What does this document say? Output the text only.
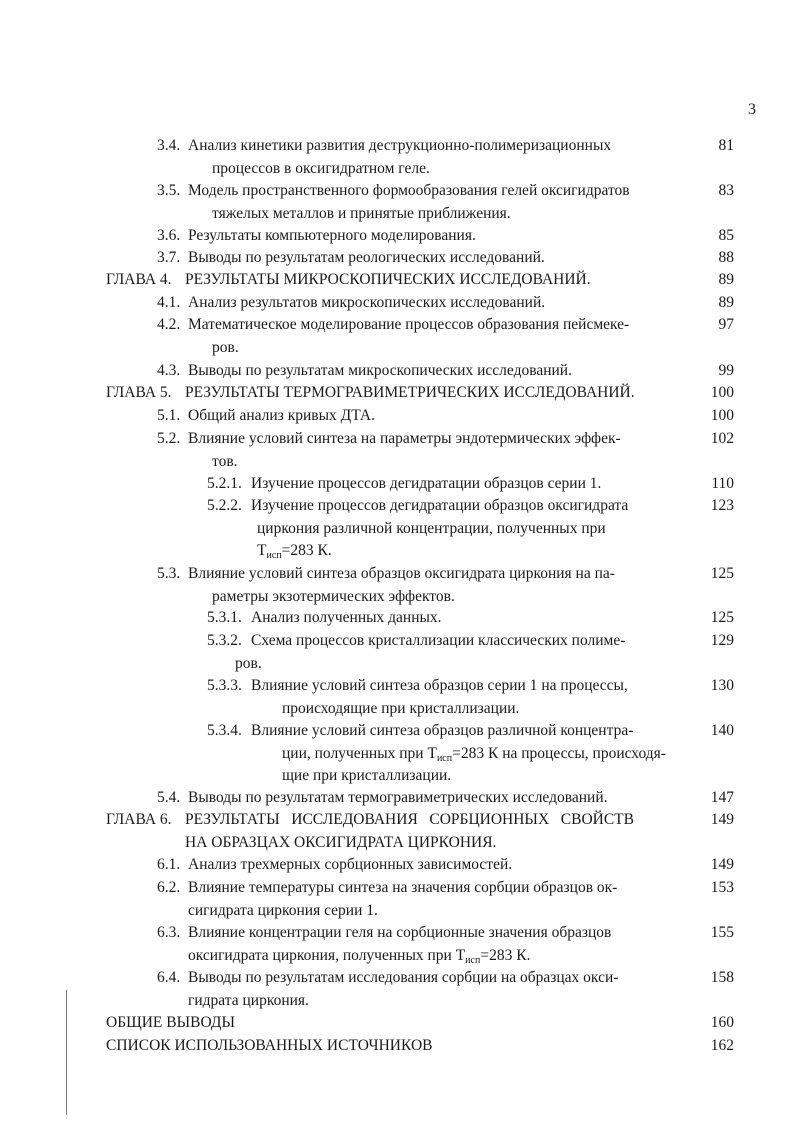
3
3.4. Анализ кинетики развития деструкционно-полимеризационных	81

процессов в оксигидратном геле.

3.5. Модель пространственного формообразования гелей оксигидратов	83

тяжелых металлов и принятые приближения.

3.6. Результаты компьютерного моделирования.	85

3.7. Выводы по результатам реологических исследований.	88

ГЛАВА 4. РЕЗУЛЬТАТЫ МИКРОСКОПИЧЕСКИХ ИССЛЕДОВАНИЙ.	89

4.1. Анализ результатов микроскопических исследований.	89

4.2. Математическое моделирование процессов образования пейсмеке-	97

ров.

4.3. Выводы по результатам микроскопических исследований.	99

ГЛАВА 5. РЕЗУЛЬТАТЫ ТЕРМОГРАВИМЕТРИЧЕСКИХ ИССЛЕДОВАНИЙ.	100

5.1. Общий анализ кривых ДТА.	100

5.2. Влияние условий синтеза на параметры эндотермических эффек-	102

тов.

5.2.1. Изучение процессов дегидратации образцов серии 1.	110

5.2.2. Изучение процессов дегидратации образцов оксигидрата	123

циркония различной концентрации, полученных при

$Т_{исп}=283$ К.

5.3. Влияние условий синтеза образцов оксигидрата циркония на па-	125

раметры экзотермических эффектов.

5.3.1. Анализ полученных данных.	125

5.3.2. Схема процессов кристаллизации классических полиме-	129

ров.

5.3.3. Влияние условий синтеза образцов серии 1 на процессы,	130

происходящие при кристаллизации.

5.3.4. Влияние условий синтеза образцов различной концентра-	140

ции, полученных при $Т_{исп}=283$ К на процессы, происходя-

щие при кристаллизации.

5.4. Выводы по результатам термогравиметрических исследований.	147

ГЛАВА 6. РЕЗУЛЬТАТЫ   ИССЛЕДОВАНИЯ   СОРБЦИОННЫХ   СВОЙСТВ	149

НА ОБРАЗЦАХ ОКСИГИДРАТА ЦИРКОНИЯ.

6.1. Анализ трехмерных сорбционных зависимостей.	149

6.2. Влияние температуры синтеза на значения сорбции образцов ок-	153

сигидрата циркония серии 1.

6.3. Влияние концентрации геля на сорбционные значения образцов	155

оксигидрата циркония, полученных при $Т_{исп}=283$ К.

6.4. Выводы по результатам исследования сорбции на образцах окси-	158

гидрата циркония.

ОБЩИЕ ВЫВОДЫ	160

СПИСОК ИСПОЛЬЗОВАННЫХ ИСТОЧНИКОВ	162
